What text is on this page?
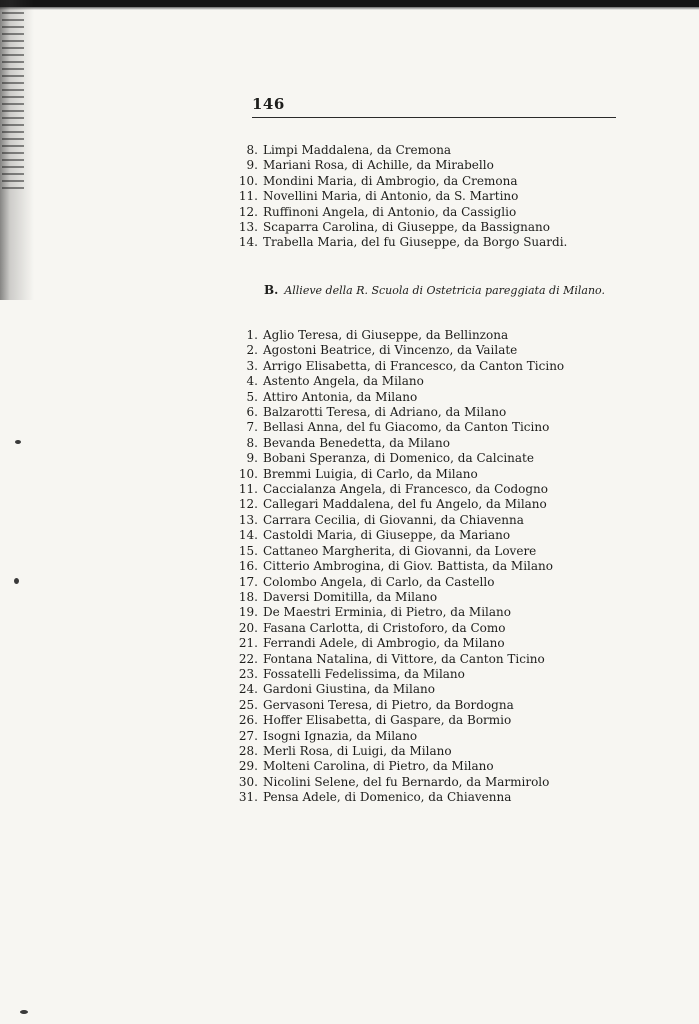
146
8. Limpi Maddalena, da Cremona
9. Mariani Rosa, di Achille, da Mirabello
10. Mondini Maria, di Ambrogio, da Cremona
11. Novellini Maria, di Antonio, da S. Martino
12. Ruffinoni Angela, di Antonio, da Cassiglio
13. Scaparra Carolina, di Giuseppe, da Bassignano
14. Trabella Maria, del fu Giuseppe, da Borgo Suardi.
B. Allieve della R. Scuola di Ostetricia pareggiata di Milano.
1. Aglio Teresa, di Giuseppe, da Bellinzona
2. Agostoni Beatrice, di Vincenzo, da Vailate
3. Arrigo Elisabetta, di Francesco, da Canton Ticino
4. Astento Angela, da Milano
5. Attiro Antonia, da Milano
6. Balzarotti Teresa, di Adriano, da Milano
7. Bellasi Anna, del fu Giacomo, da Canton Ticino
8. Bevanda Benedetta, da Milano
9. Bobani Speranza, di Domenico, da Calcinate
10. Bremmi Luigia, di Carlo, da Milano
11. Caccialanza Angela, di Francesco, da Codogno
12. Callegari Maddalena, del fu Angelo, da Milano
13. Carrara Cecilia, di Giovanni, da Chiavenna
14. Castoldi Maria, di Giuseppe, da Mariano
15. Cattaneo Margherita, di Giovanni, da Lovere
16. Citterio Ambrogina, di Giov. Battista, da Milano
17. Colombo Angela, di Carlo, da Castello
18. Daversi Domitilla, da Milano
19. De Maestri Erminia, di Pietro, da Milano
20. Fasana Carlotta, di Cristoforo, da Como
21. Ferrandi Adele, di Ambrogio, da Milano
22. Fontana Natalina, di Vittore, da Canton Ticino
23. Fossatelli Fedelissima, da Milano
24. Gardoni Giustina, da Milano
25. Gervasoni Teresa, di Pietro, da Bordogna
26. Hoffer Elisabetta, di Gaspare, da Bormio
27. Isogni Ignazia, da Milano
28. Merli Rosa, di Luigi, da Milano
29. Molteni Carolina, di Pietro, da Milano
30. Nicolini Selene, del fu Bernardo, da Marmirolo
31. Pensa Adele, di Domenico, da Chiavenna
